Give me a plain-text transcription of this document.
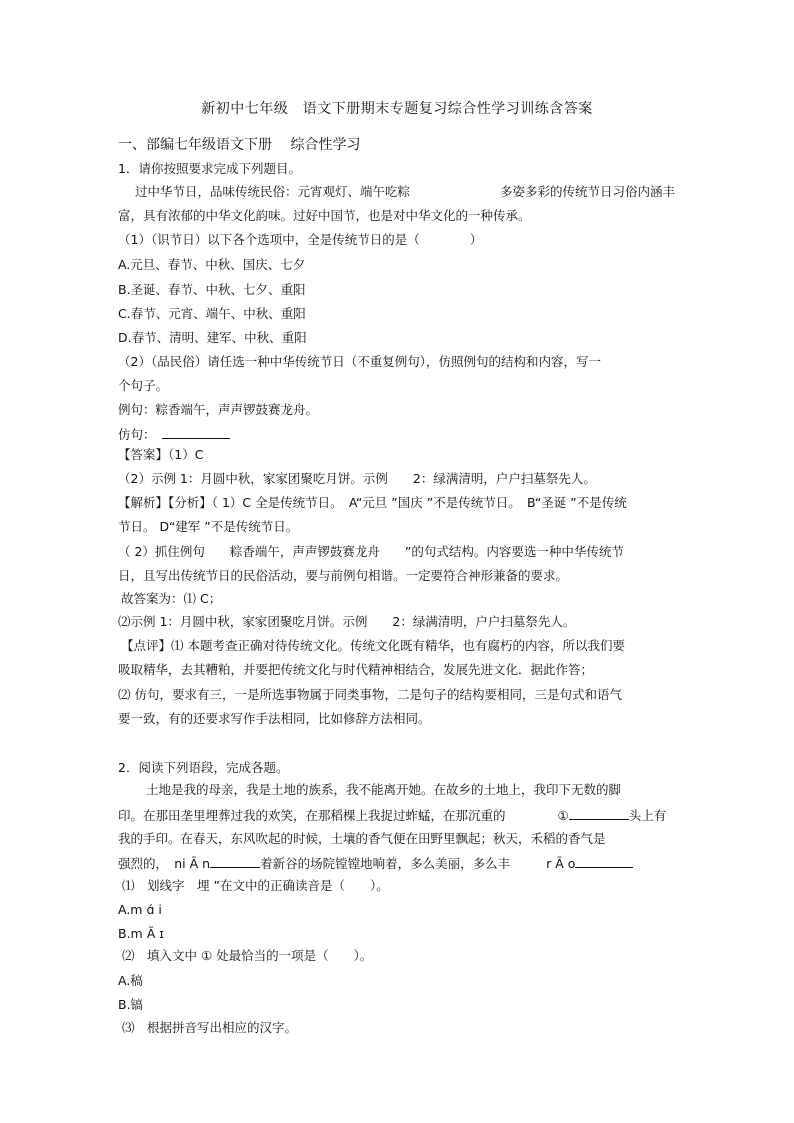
新初中七年级　语文下册期末专题复习综合性学习训练含答案
一、部编七年级语文下册　 综合性学习
1．请你按照要求完成下列题目。
过中华节日，品味传统民俗：元宵观灯、端午吃粽	多姿多彩的传统节日习俗内涵丰
富，具有浓郁的中华文化韵味。过好中国节，也是对中华文化的一种传承。
（1）（识节日）以下各个选项中，全是传统节日的是（　　　　）
A.元旦、春节、中秋、国庆、七夕
B.圣诞、春节、中秋、七夕、重阳
C.春节、元宵、端午、中秋、重阳
D.春节、清明、建军、中秋、重阳
（2）（品民俗）请任选一种中华传统节日（不重复例句），仿照例句的结构和内容，写一
个句子。
例句：粽香端午，声声锣鼓赛龙舟。
仿句：
【答案】（1）C
（2）示例 1：月圆中秋，家家团聚吃月饼。示例　　2：绿满清明，户户扫墓祭先人。
【解析】【分析】（ 1）C 全是传统节日。　A“元旦 ”国庆 ”不是传统节日。　B“圣诞 ”不是传统
节日。 D“建军 ”不是传统节日。
（ 2）抓住例句　　粽香端午，声声锣鼓赛龙舟　　”的句式结构。内容要选一种中华传统节
日，且写出传统节日的民俗活动，要与前例句相谐。一定要符合神形兼备的要求。
故答案为：⑴ C；
⑵示例 1：月圆中秋，家家团聚吃月饼。示例　　2：绿满清明，户户扫墓祭先人。
【点评】⑴ 本题考查正确对待传统文化。传统文化既有精华，也有腐朽的内容，所以我们要
吸取精华，去其糟粕，并要把传统文化与时代精神相结合，发展先进文化．据此作答；
⑵ 仿句，要求有三，一是所选事物属于同类事物，二是句子的结构要相同，三是句式和语气
要一致，有的还要求写作手法相同，比如修辞方法相同。
2．阅读下列语段，完成各题。
土地是我的母亲，我是土地的族系，我不能离开她。在故乡的土地上，我印下无数的脚
印。在那田垄里埋葬过我的欢笑，在那稻棵上我捉过蚱蜢，在那沉重的	①	头上有
我的手印。在春天，东风吹起的时候，土壤的香气便在田野里飘起；秋天，禾稻的香气是
强烈的，　ni Ã n	着新谷的场院镗镗地响着，多么美丽，多么丰	r Ã o
⑴　划线字　埋 ”在文中的正确读音是（　　）。
A.m ɑ́ i
B.m Ã ɪ
⑵　填入文中 ① 处最恰当的一项是（　　）。
A.稿
B.镐
⑶　根据拼音写出相应的汉字。
